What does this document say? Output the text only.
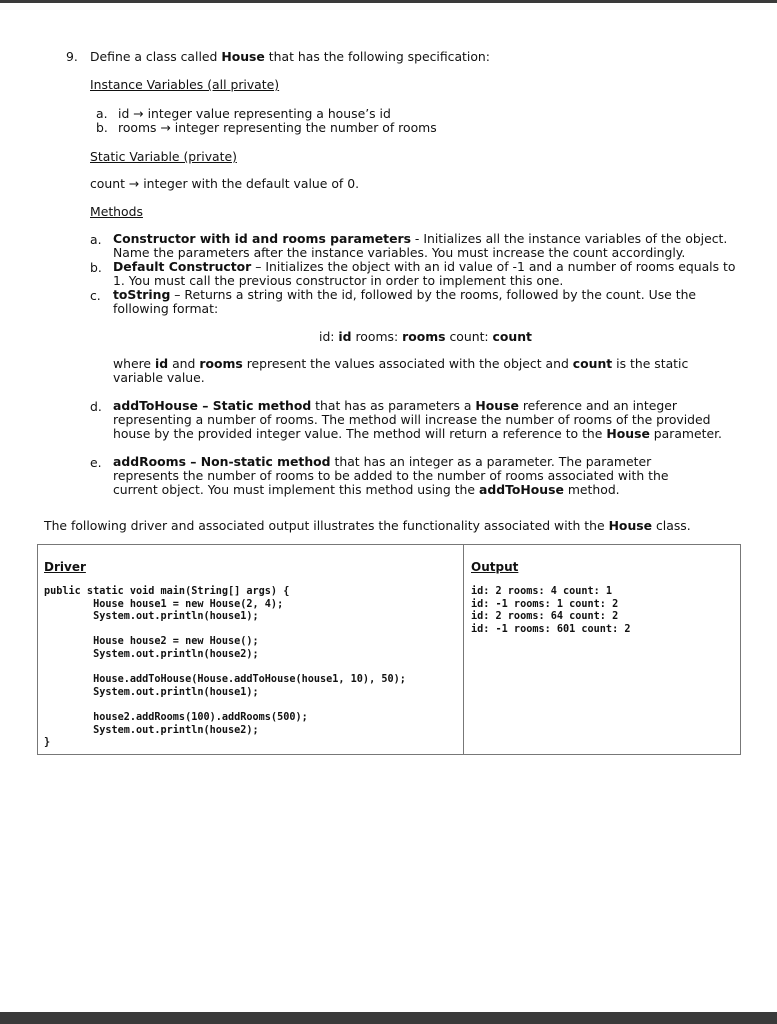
9. Define a class called House that has the following specification:
Instance Variables (all private)
a. id → integer value representing a house’s id
b. rooms → integer representing the number of rooms
Static Variable (private)
count → integer with the default value of 0.
Methods
a. Constructor with id and rooms parameters - Initializes all the instance variables of the object. Name the parameters after the instance variables. You must increase the count accordingly.
b. Default Constructor – Initializes the object with an id value of -1 and a number of rooms equals to 1. You must call the previous constructor in order to implement this one.
c. toString – Returns a string with the id, followed by the rooms, followed by the count. Use the following format:
id: id rooms: rooms count: count
where id and rooms represent the values associated with the object and count is the static variable value.
d. addToHouse – Static method that has as parameters a House reference and an integer representing a number of rooms. The method will increase the number of rooms of the provided house by the provided integer value. The method will return a reference to the House parameter.
e. addRooms – Non-static method that has an integer as a parameter. The parameter represents the number of rooms to be added to the number of rooms associated with the current object. You must implement this method using the addToHouse method.
The following driver and associated output illustrates the functionality associated with the House class.
Driver
public static void main(String[] args) {
House house1 = new House(2, 4);
System.out.println(house1);

House house2 = new House();
System.out.println(house2);

House.addToHouse(House.addToHouse(house1, 10), 50);
System.out.println(house1);

house2.addRooms(100).addRooms(500);
System.out.println(house2);
}

Output
id: 2 rooms: 4 count: 1
id: -1 rooms: 1 count: 2
id: 2 rooms: 64 count: 2
id: -1 rooms: 601 count: 2
